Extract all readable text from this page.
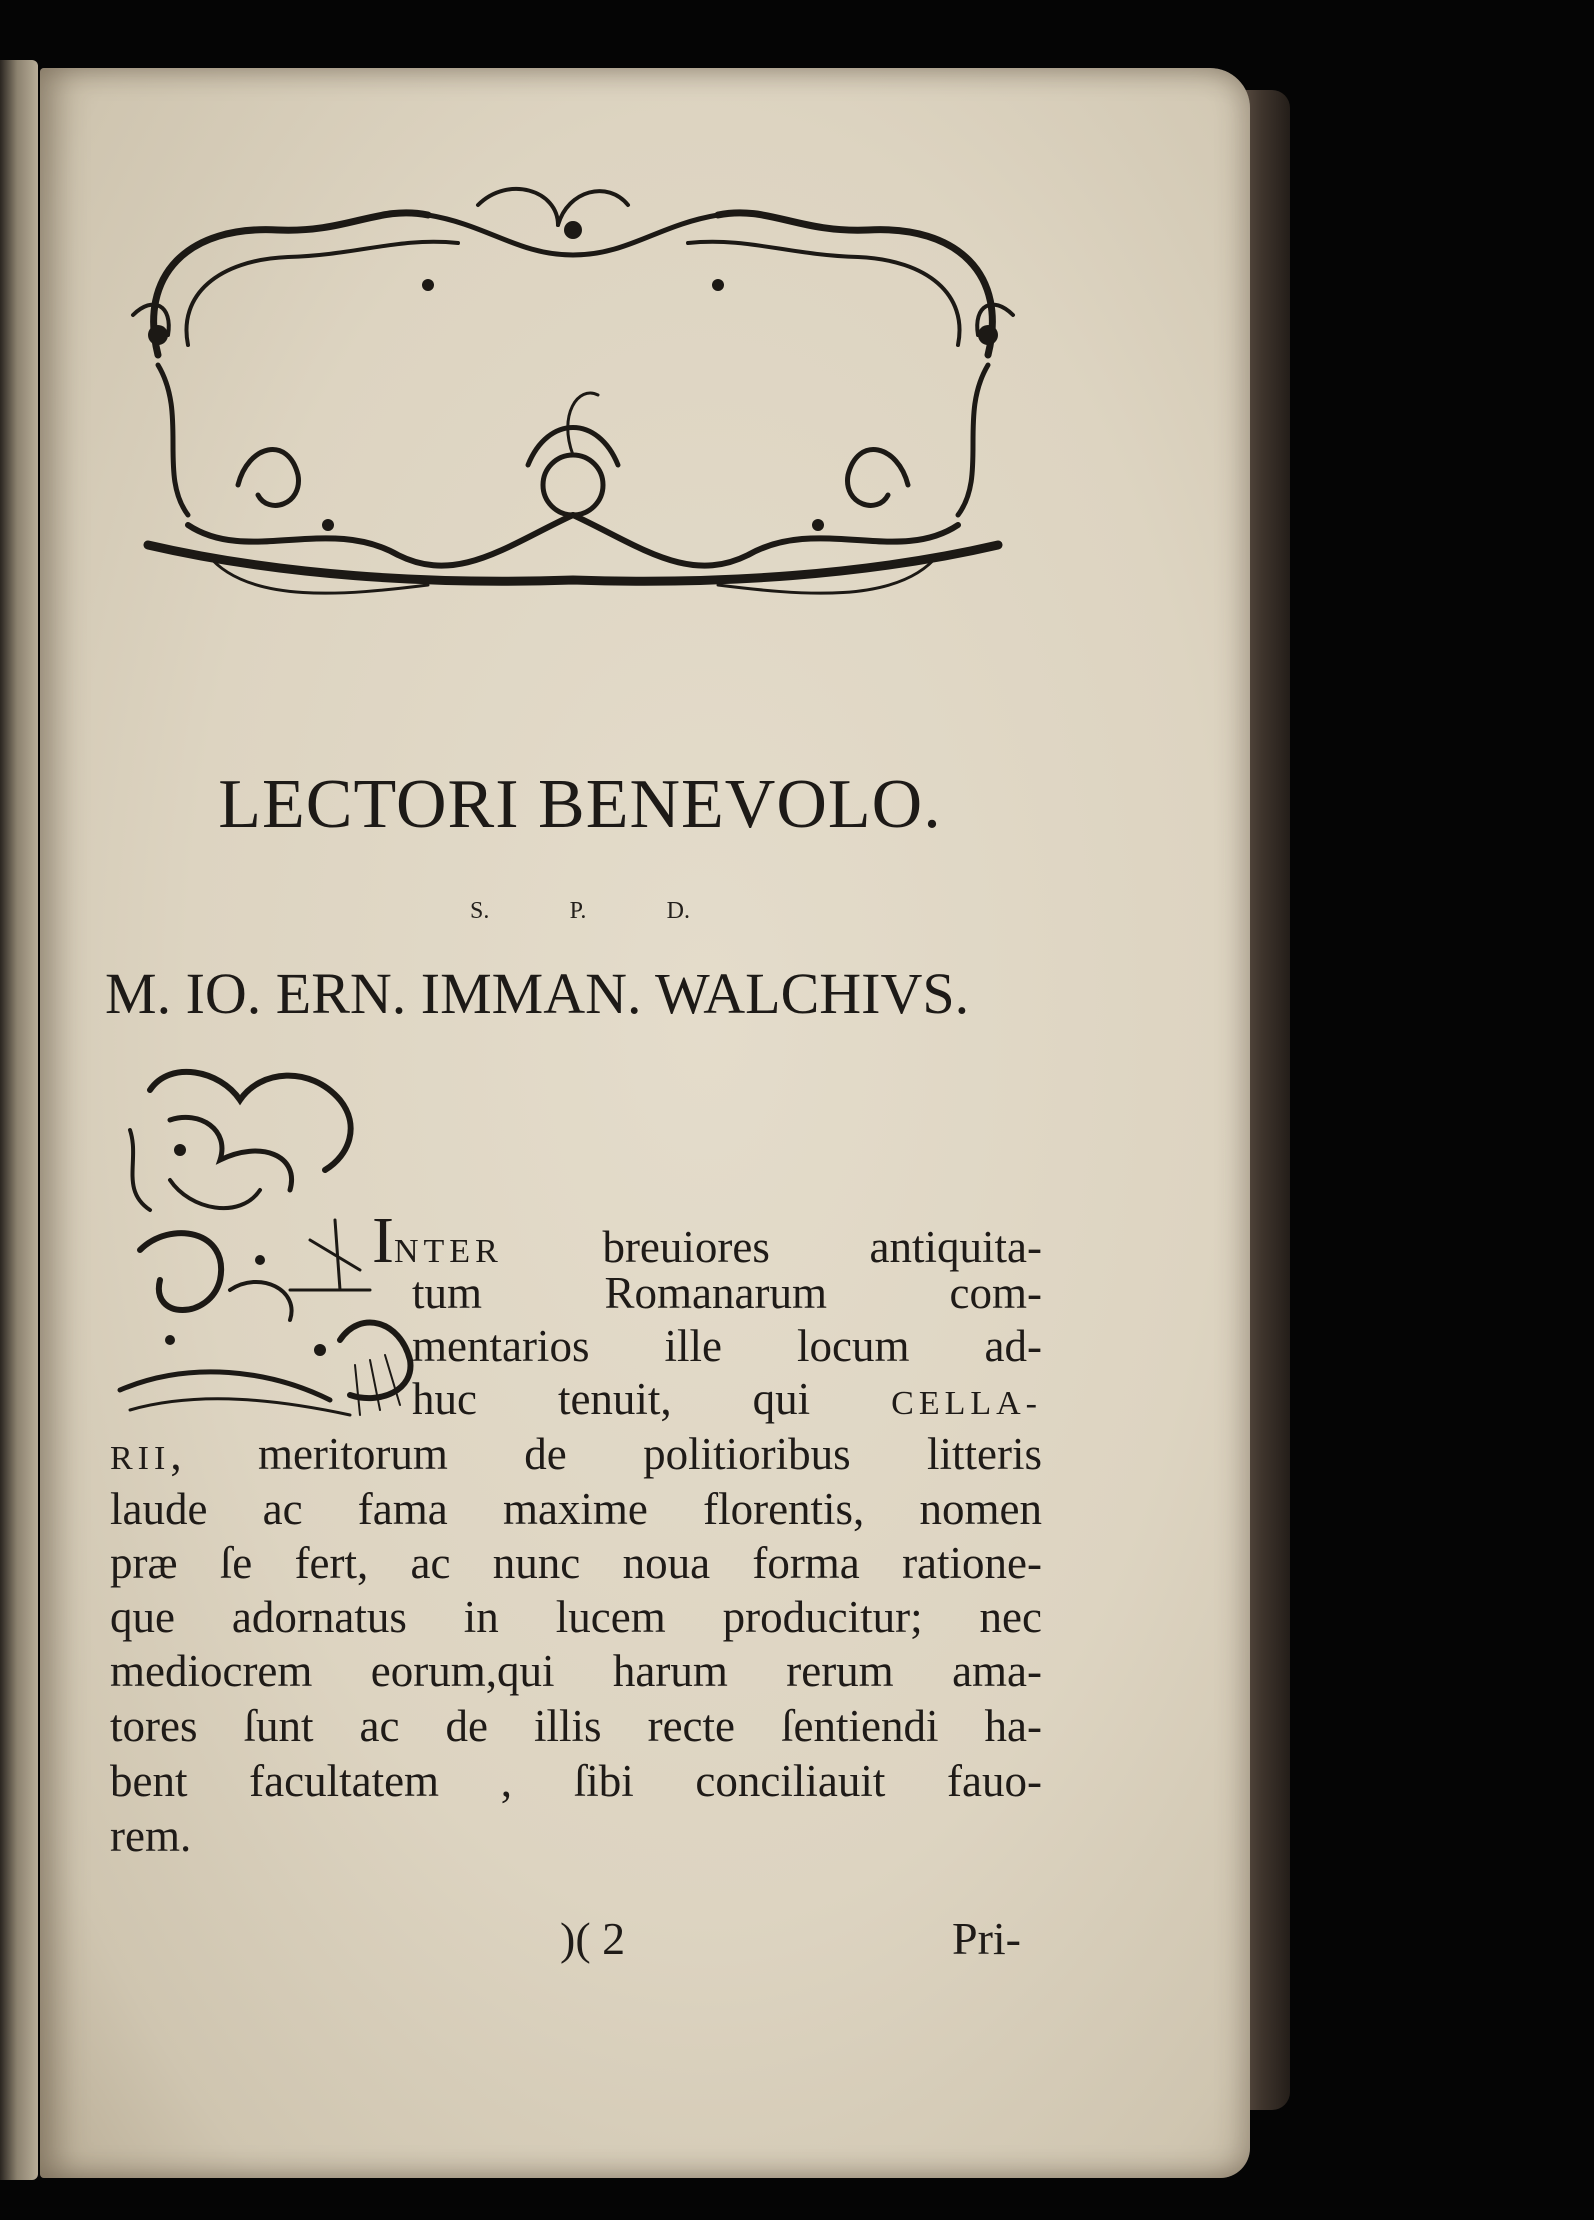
LECTORI BENEVOLO.
S.	P.	D.
M. IO. ERN. IMMAN. WALCHIVS.
INTER breuiores antiquita-
tum Romanarum com-
mentarios ille locum ad-
huc tenuit, qui CELLA-
RII, meritorum de politioribus litteris
laude ac fama maxime florentis, nomen
præ ſe fert, ac nunc noua forma ratione-
que adornatus in lucem producitur; nec
mediocrem eorum,qui harum rerum ama-
tores ſunt ac de illis recte ſentiendi ha-
bent facultatem , ſibi conciliauit fauo-
rem.
)( 2	Pri-
